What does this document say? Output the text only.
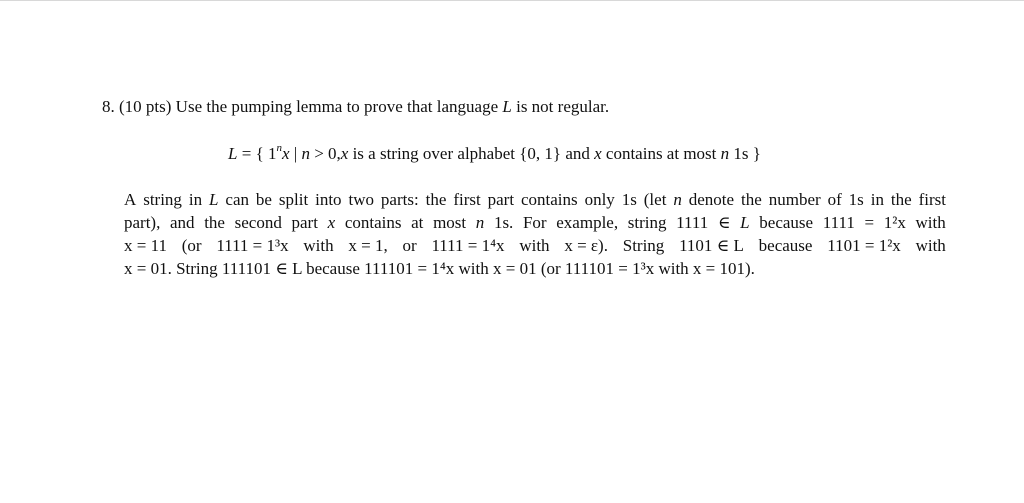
8. (10 pts) Use the pumping lemma to prove that language L is not regular.
L = { 1$^n$x | n > 0,x is a string over alphabet {0, 1} and x contains at most n 1s }
A string in L can be split into two parts: the first part contains only 1s (let n denote the number of 1s in the first
part), and the second part x contains at most n 1s. For example, string 1111 ∈ L because 1111 = 1²x with
x = 11 (or 1111 = 1³x with x = 1, or 1111 = 1⁴x with x = ε). String 1101 ∈ L because 1101 = 1²x with
x = 01. String 111101 ∈ L because 111101 = 1⁴x with x = 01 (or 111101 = 1³x with x = 101).
